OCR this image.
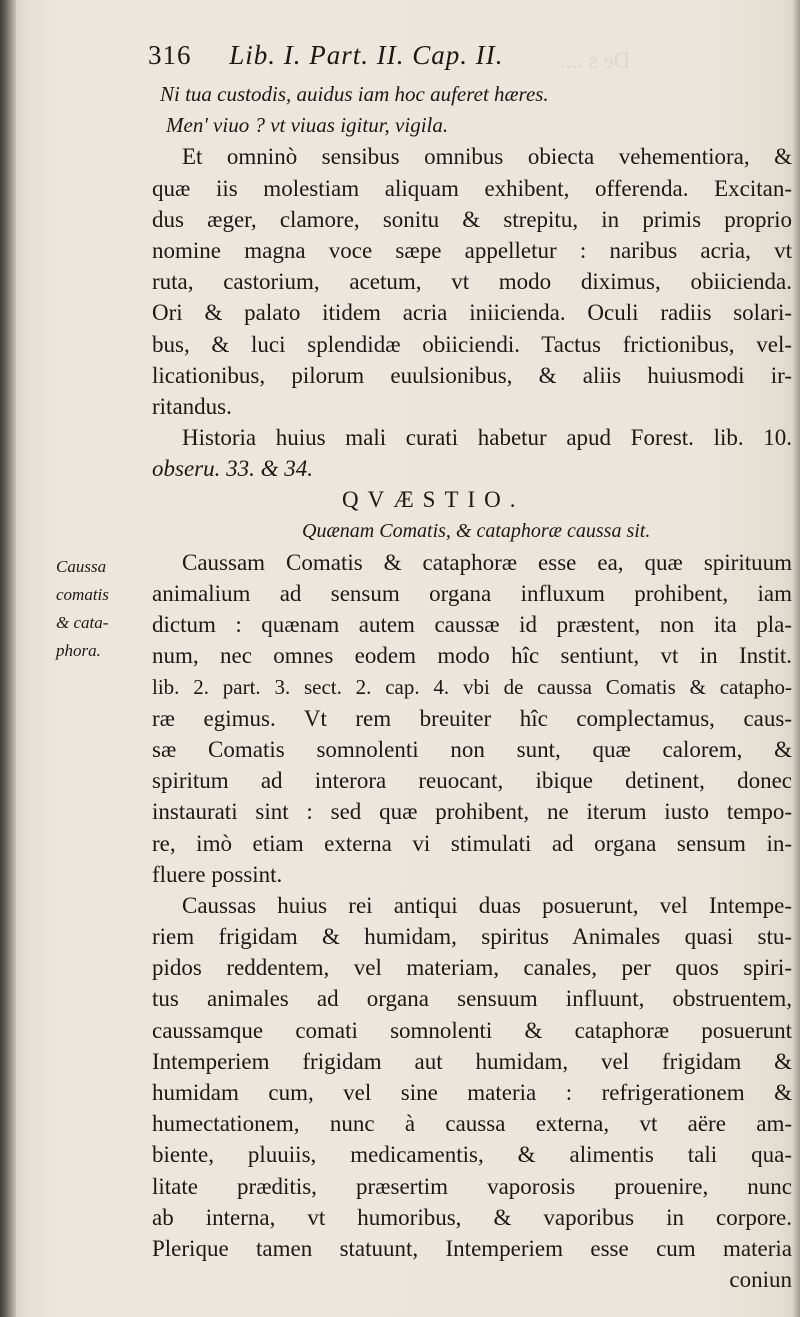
De s ....
316 Lib. I. Part. II. Cap. II.
Caussa
comatis
& cata-
phora.
Ni tua custodis, auidus iam hoc auferet hæres.
Men' viuo ? vt viuas igitur, vigila.
Et omninò sensibus omnibus obiecta vehementiora, &
quæ iis molestiam aliquam exhibent, offerenda. Excitan-
dus æger, clamore, sonitu & strepitu, in primis proprio
nomine magna voce sæpe appelletur : naribus acria, vt
ruta, castorium, acetum, vt modo diximus, obiicienda.
Ori & palato itidem acria iniicienda. Oculi radiis solari-
bus, & luci splendidæ obiiciendi. Tactus frictionibus, vel-
licationibus, pilorum euulsionibus, & aliis huiusmodi ir-
ritandus.
Historia huius mali curati habetur apud Forest. lib. 10.
obseru. 33. & 34.
QVÆSTIO.
Quænam Comatis, & cataphoræ caussa sit.
Caussam Comatis & cataphoræ esse ea, quæ spirituum
animalium ad sensum organa influxum prohibent, iam
dictum : quænam autem caussæ id præstent, non ita pla-
num, nec omnes eodem modo hîc sentiunt, vt in Instit.
lib. 2. part. 3. sect. 2. cap. 4. vbi de caussa Comatis & catapho-
ræ egimus. Vt rem breuiter hîc complectamus, caus-
sæ Comatis somnolenti non sunt, quæ calorem, &
spiritum ad interora reuocant, ibique detinent, donec
instaurati sint : sed quæ prohibent, ne iterum iusto tempo-
re, imò etiam externa vi stimulati ad organa sensum in-
fluere possint.
Caussas huius rei antiqui duas posuerunt, vel Intempe-
riem frigidam & humidam, spiritus Animales quasi stu-
pidos reddentem, vel materiam, canales, per quos spiri-
tus animales ad organa sensuum influunt, obstruentem,
caussamque comati somnolenti & cataphoræ posuerunt
Intemperiem frigidam aut humidam, vel frigidam &
humidam cum, vel sine materia : refrigerationem &
humectationem, nunc à caussa externa, vt aëre am-
biente, pluuiis, medicamentis, & alimentis tali qua-
litate præditis, præsertim vaporosis prouenire, nunc
ab interna, vt humoribus, & vaporibus in corpore.
Plerique tamen statuunt, Intemperiem esse cum materia
coniun
